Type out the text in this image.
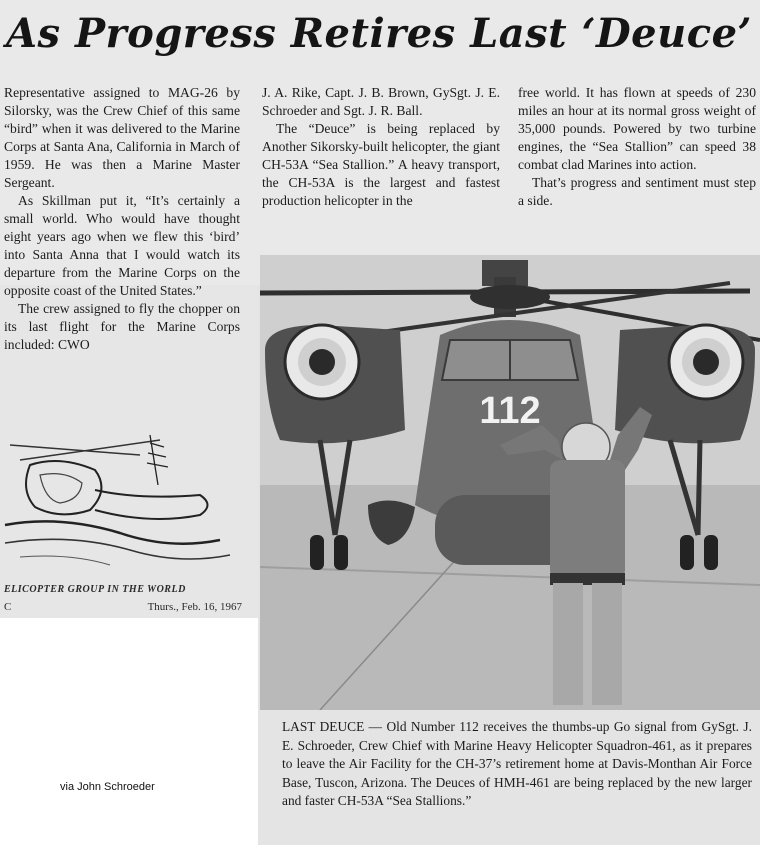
As Progress Retires Last ‘Deuce’

Representative assigned to MAG-26 by Silorsky, was the Crew Chief of this same “bird” when it was delivered to the Marine Corps at Santa Ana, California in March of 1959. He was then a Marine Master Sergeant.

As Skillman put it, “It’s certainly a small world. Who would have thought eight years ago when we flew this ‘bird’ into Santa Anna that I would watch its departure from the Marine Corps on the opposite coast of the United States.”

The crew assigned to fly the chopper on its last flight for the Marine Corps included: CWO

J. A. Rike, Capt. J. B. Brown, GySgt. J. E. Schroeder and Sgt. J. R. Ball.

The “Deuce” is being replaced by Another Sikorsky-built helicopter, the giant CH-53A “Sea Stallion.” A heavy transport, the CH-53A is the largest and fastest production helicopter in the

free world. It has flown at speeds of 230 miles an hour at its normal gross weight of 35,000 pounds. Powered by two turbine engines, the “Sea Stallion” can speed 38 combat clad Marines into action.

That’s progress and sentiment must step a side.

ELICOPTER GROUP IN THE WORLD
C	Thurs., Feb. 16, 1967
112
LAST DEUCE — Old Number 112 receives the thumbs-up Go signal from GySgt. J. E. Schroeder, Crew Chief with Marine Heavy Helicopter Squadron-461, as it prepares to leave the Air Facility for the CH-37’s retirement home at Davis-Monthan Air Force Base, Tuscon, Arizona. The Deuces of HMH-461 are being replaced by the new larger and faster CH-53A “Sea Stallions.”
via John Schroeder
